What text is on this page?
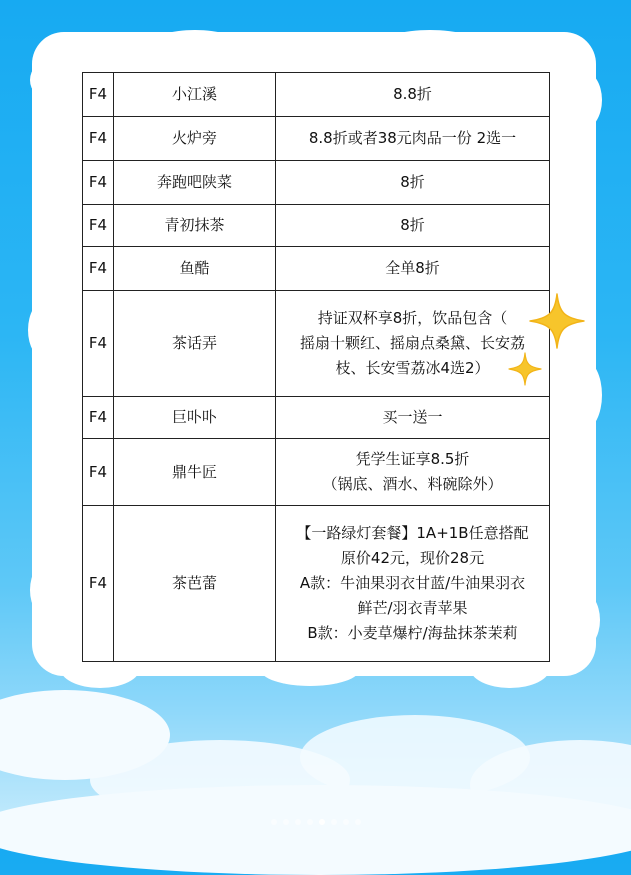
F4	小江溪	8.8折

F4	火炉旁	8.8折或者38元肉品一份 2选一

F4	奔跑吧陕菜	8折

F4	青初抹茶	8折

F4	鱼酷	全单8折

F4	茶话弄	持证双杯享8折，饮品包含（
摇扇十颗红、摇扇点桑黛、长安荔
枝、长安雪荔冰4选2）

F4	巨卟卟	买一送一

F4	鼎牛匠	凭学生证享8.5折
（锅底、酒水、料碗除外）

F4	茶芭蕾	【一路绿灯套餐】1A+1B任意搭配
原价42元，现价28元
A款：牛油果羽衣甘蓝/牛油果羽衣
鲜芒/羽衣青苹果
B款：小麦草爆柠/海盐抹茶茉莉
